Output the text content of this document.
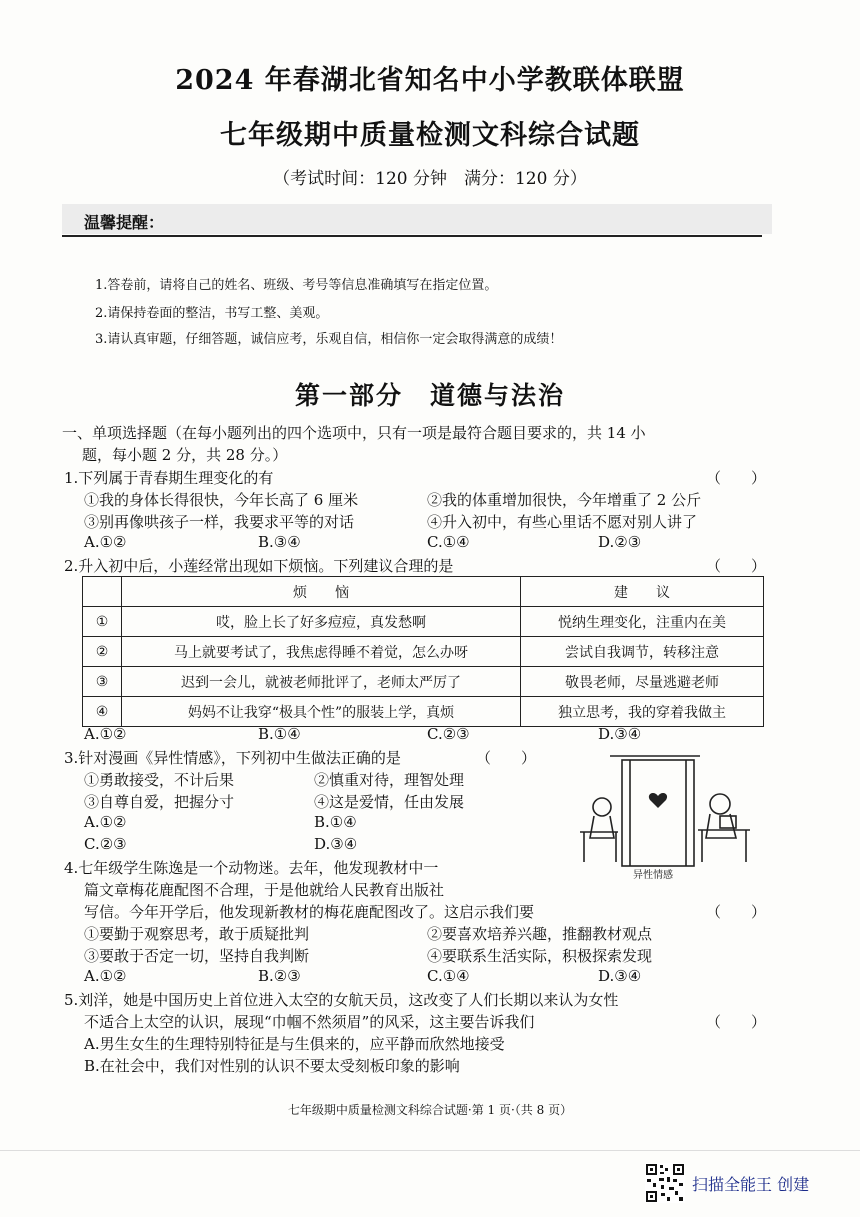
2024 年春湖北省知名中小学教联体联盟
七年级期中质量检测文科综合试题
（考试时间：120 分钟　满分：120 分）
温馨提醒：
1.答卷前，请将自己的姓名、班级、考号等信息准确填写在指定位置。
2.请保持卷面的整洁，书写工整、美观。
3.请认真审题，仔细答题，诚信应考，乐观自信，相信你一定会取得满意的成绩！
第一部分　道德与法治
一、单项选择题（在每小题列出的四个选项中，只有一项是最符合题目要求的，共 14 小
题，每小题 2 分，共 28 分。）
1.下列属于青春期生理变化的有	（　　）
①我的身体长得很快，今年长高了 6 厘米	②我的体重增加很快，今年增重了 2 公斤
③别再像哄孩子一样，我要求平等的对话	④升入初中，有些心里话不愿对别人讲了
A.①②	B.③④	C.①④	D.②③
2.升入初中后，小莲经常出现如下烦恼。下列建议合理的是	（　　）
	烦　　恼	建　　议
①	哎，脸上长了好多痘痘，真发愁啊	悦纳生理变化，注重内在美
②	马上就要考试了，我焦虑得睡不着觉，怎么办呀	尝试自我调节，转移注意
③	迟到一会儿，就被老师批评了，老师太严厉了	敬畏老师，尽量逃避老师
④	妈妈不让我穿“极具个性”的服装上学，真烦	独立思考，我的穿着我做主
A.①②	B.①④	C.②③	D.③④
3.针对漫画《异性情感》，下列初中生做法正确的是	（　　）
①勇敢接受，不计后果	②慎重对待，理智处理
③自尊自爱，把握分寸	④这是爱情，任由发展
A.①②	B.①④
C.②③	D.③④
异性情感
4.七年级学生陈逸是一个动物迷。去年，他发现教材中一
篇文章梅花鹿配图不合理，于是他就给人民教育出版社
写信。今年开学后，他发现新教材的梅花鹿配图改了。这启示我们要	（　　）
①要勤于观察思考，敢于质疑批判	②要喜欢培养兴趣，推翻教材观点
③要敢于否定一切，坚持自我判断	④要联系生活实际，积极探索发现
A.①②	B.②③	C.①④	D.③④
5.刘洋，她是中国历史上首位进入太空的女航天员，这改变了人们长期以来认为女性
不适合上太空的认识，展现“巾帼不然须眉”的风采，这主要告诉我们	（　　）
A.男生女生的生理特别特征是与生俱来的，应平静而欣然地接受
B.在社会中，我们对性别的认识不要太受刻板印象的影响
七年级期中质量检测文科综合试题·第 1 页·（共 8 页）
扫描全能王 创建
